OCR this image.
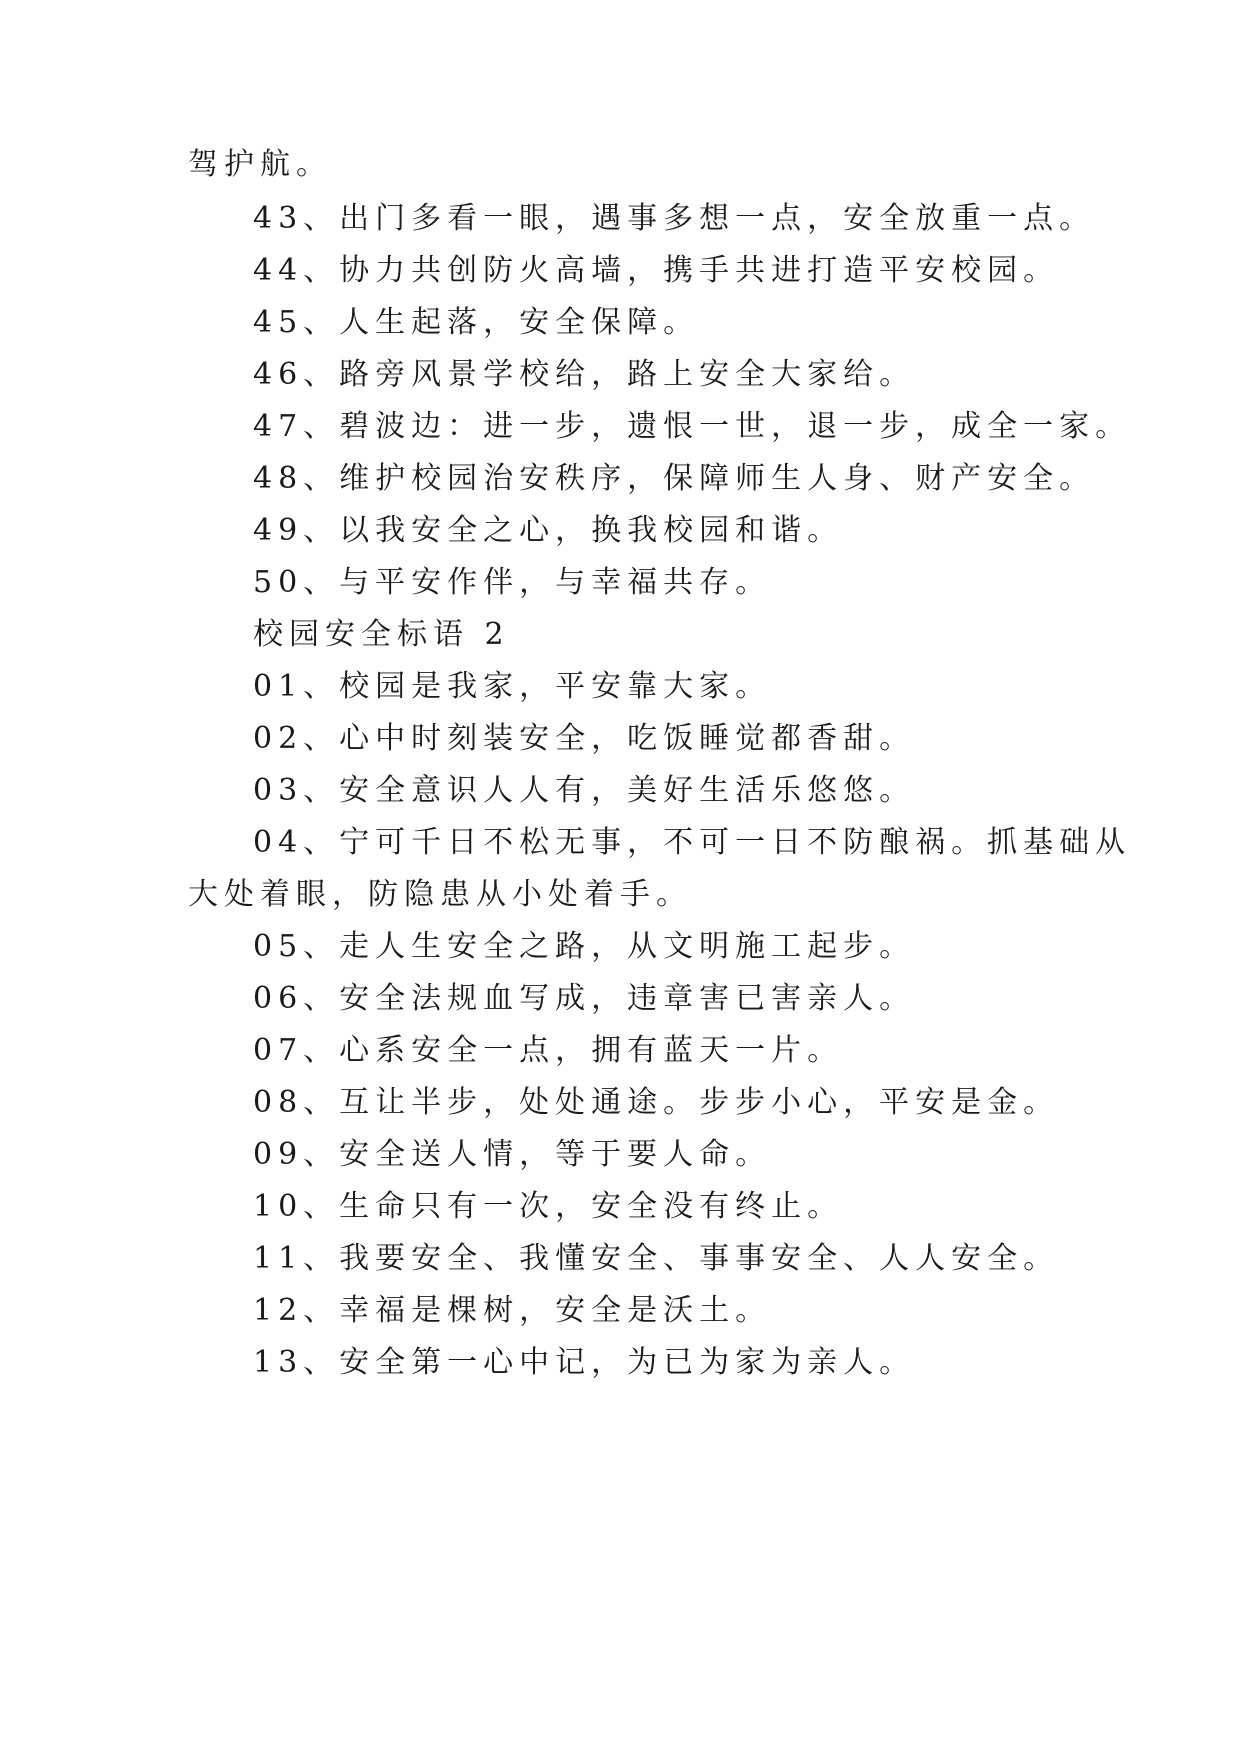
驾护航。
43、出门多看一眼，遇事多想一点，安全放重一点。
44、协力共创防火高墙，携手共进打造平安校园。
45、人生起落，安全保障。
46、路旁风景学校给，路上安全大家给。
47、碧波边：进一步，遗恨一世，退一步，成全一家。
48、维护校园治安秩序，保障师生人身、财产安全。
49、以我安全之心，换我校园和谐。
50、与平安作伴，与幸福共存。
校园安全标语 2
01、校园是我家，平安靠大家。
02、心中时刻装安全，吃饭睡觉都香甜。
03、安全意识人人有，美好生活乐悠悠。
04、宁可千日不松无事，不可一日不防酿祸。抓基础从
大处着眼，防隐患从小处着手。
05、走人生安全之路，从文明施工起步。
06、安全法规血写成，违章害已害亲人。
07、心系安全一点，拥有蓝天一片。
08、互让半步，处处通途。步步小心，平安是金。
09、安全送人情，等于要人命。
10、生命只有一次，安全没有终止。
11、我要安全、我懂安全、事事安全、人人安全。
12、幸福是棵树，安全是沃土。
13、安全第一心中记，为已为家为亲人。
